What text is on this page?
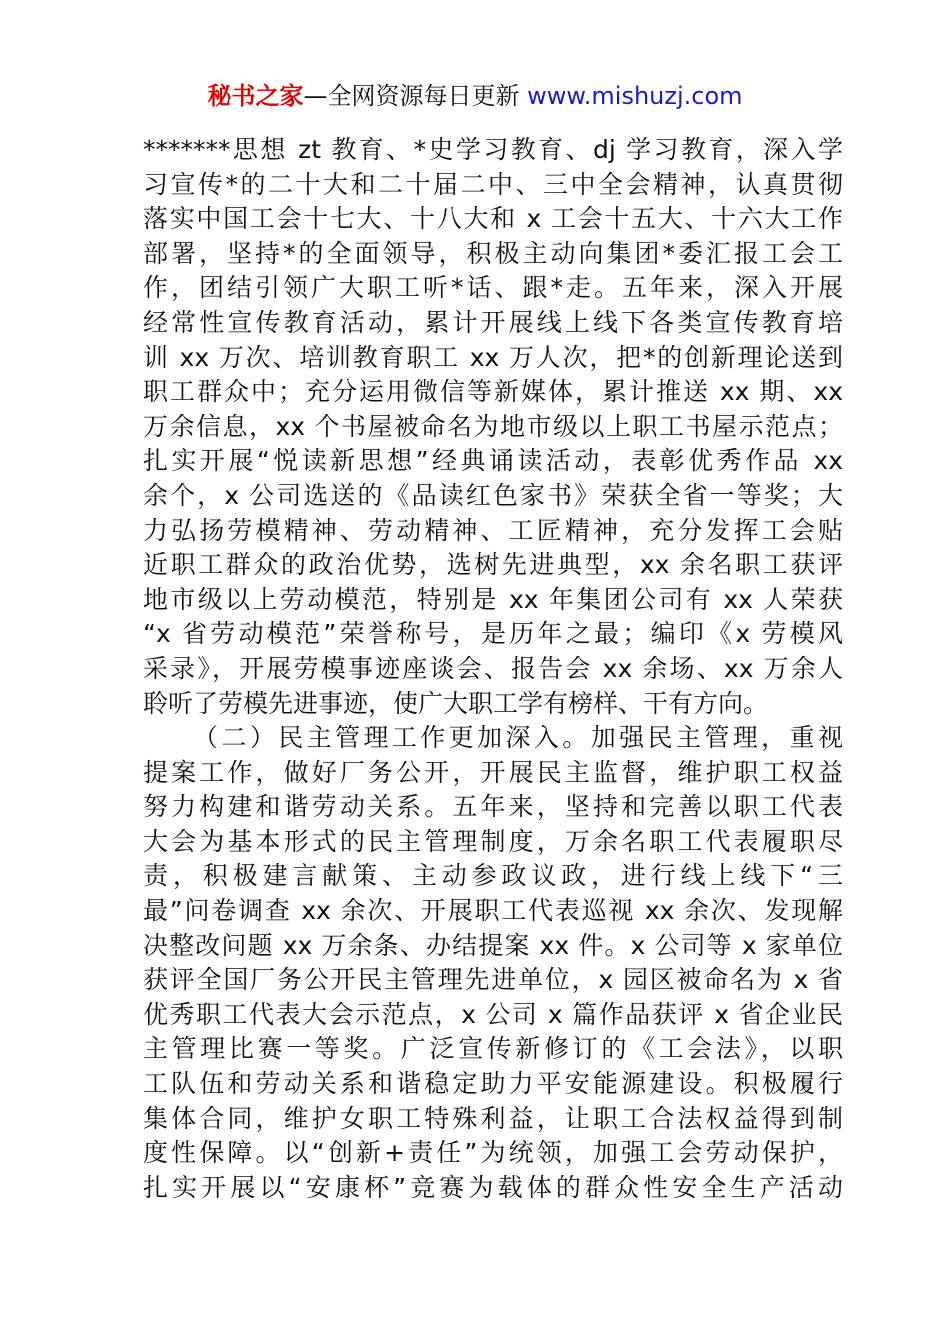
秘书之家—全网资源每日更新 www.mishuzj.com
*******思想 zt 教育、*史学习教育、dj 学习教育，深入学
习宣传*的二十大和二十届二中、三中全会精神，认真贯彻
落实中国工会十七大、十八大和 x 工会十五大、十六大工作
部署，坚持*的全面领导，积极主动向集团*委汇报工会工
作，团结引领广大职工听*话、跟*走。五年来，深入开展
经常性宣传教育活动，累计开展线上线下各类宣传教育培
训 xx 万次、培训教育职工 xx 万人次，把*的创新理论送到
职工群众中；充分运用微信等新媒体，累计推送 xx 期、xx
万余信息，xx 个书屋被命名为地市级以上职工书屋示范点；
扎实开展“悦读新思想”经典诵读活动，表彰优秀作品 xx
余个，x 公司选送的《品读红色家书》荣获全省一等奖；大
力弘扬劳模精神、劳动精神、工匠精神，充分发挥工会贴
近职工群众的政治优势，选树先进典型，xx 余名职工获评
地市级以上劳动模范，特别是 xx 年集团公司有 xx 人荣获
“x 省劳动模范”荣誉称号，是历年之最；编印《x 劳模风
采录》，开展劳模事迹座谈会、报告会 xx 余场、xx 万余人
聆听了劳模先进事迹，使广大职工学有榜样、干有方向。
（二）民主管理工作更加深入。加强民主管理，重视
提案工作，做好厂务公开，开展民主监督，维护职工权益
努力构建和谐劳动关系。五年来，坚持和完善以职工代表
大会为基本形式的民主管理制度，万余名职工代表履职尽
责，积极建言献策、主动参政议政，进行线上线下“三
最”问卷调查 xx 余次、开展职工代表巡视 xx 余次、发现解
决整改问题 xx 万余条、办结提案 xx 件。x 公司等 x 家单位
获评全国厂务公开民主管理先进单位，x 园区被命名为 x 省
优秀职工代表大会示范点，x 公司 x 篇作品获评 x 省企业民
主管理比赛一等奖。广泛宣传新修订的《工会法》，以职
工队伍和劳动关系和谐稳定助力平安能源建设。积极履行
集体合同，维护女职工特殊利益，让职工合法权益得到制
度性保障。以“创新+责任”为统领，加强工会劳动保护，
扎实开展以“安康杯”竞赛为载体的群众性安全生产活动
